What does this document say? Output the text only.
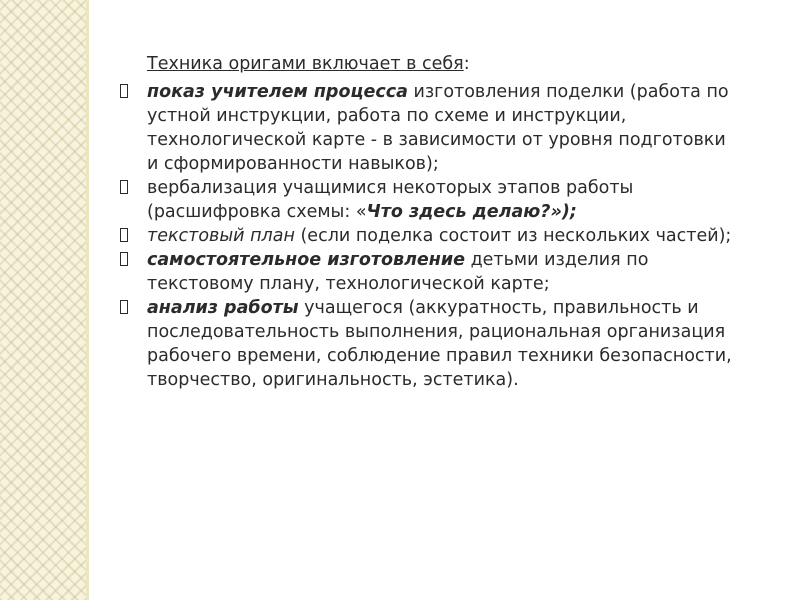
Техника оригами включает в себя:

показ учителем процесса изготовления поделки (работа по устной инструкции, работа по схеме и инструкции, технологической карте - в зависимости от уровня подготовки и сформированности навыков);

вербализация учащимися некоторых этапов работы (расшифровка схемы: «Что здесь делаю?»);

текстовый план (если поделка состоит из нескольких частей);

самостоятельное изготовление детьми изделия по текстовому плану, технологической карте;

анализ работы учащегося (аккуратность, правильность и последовательность выполнения, рациональная организация рабочего времени, соблюдение правил техники безопасности, творчество, оригинальность, эстетика).
